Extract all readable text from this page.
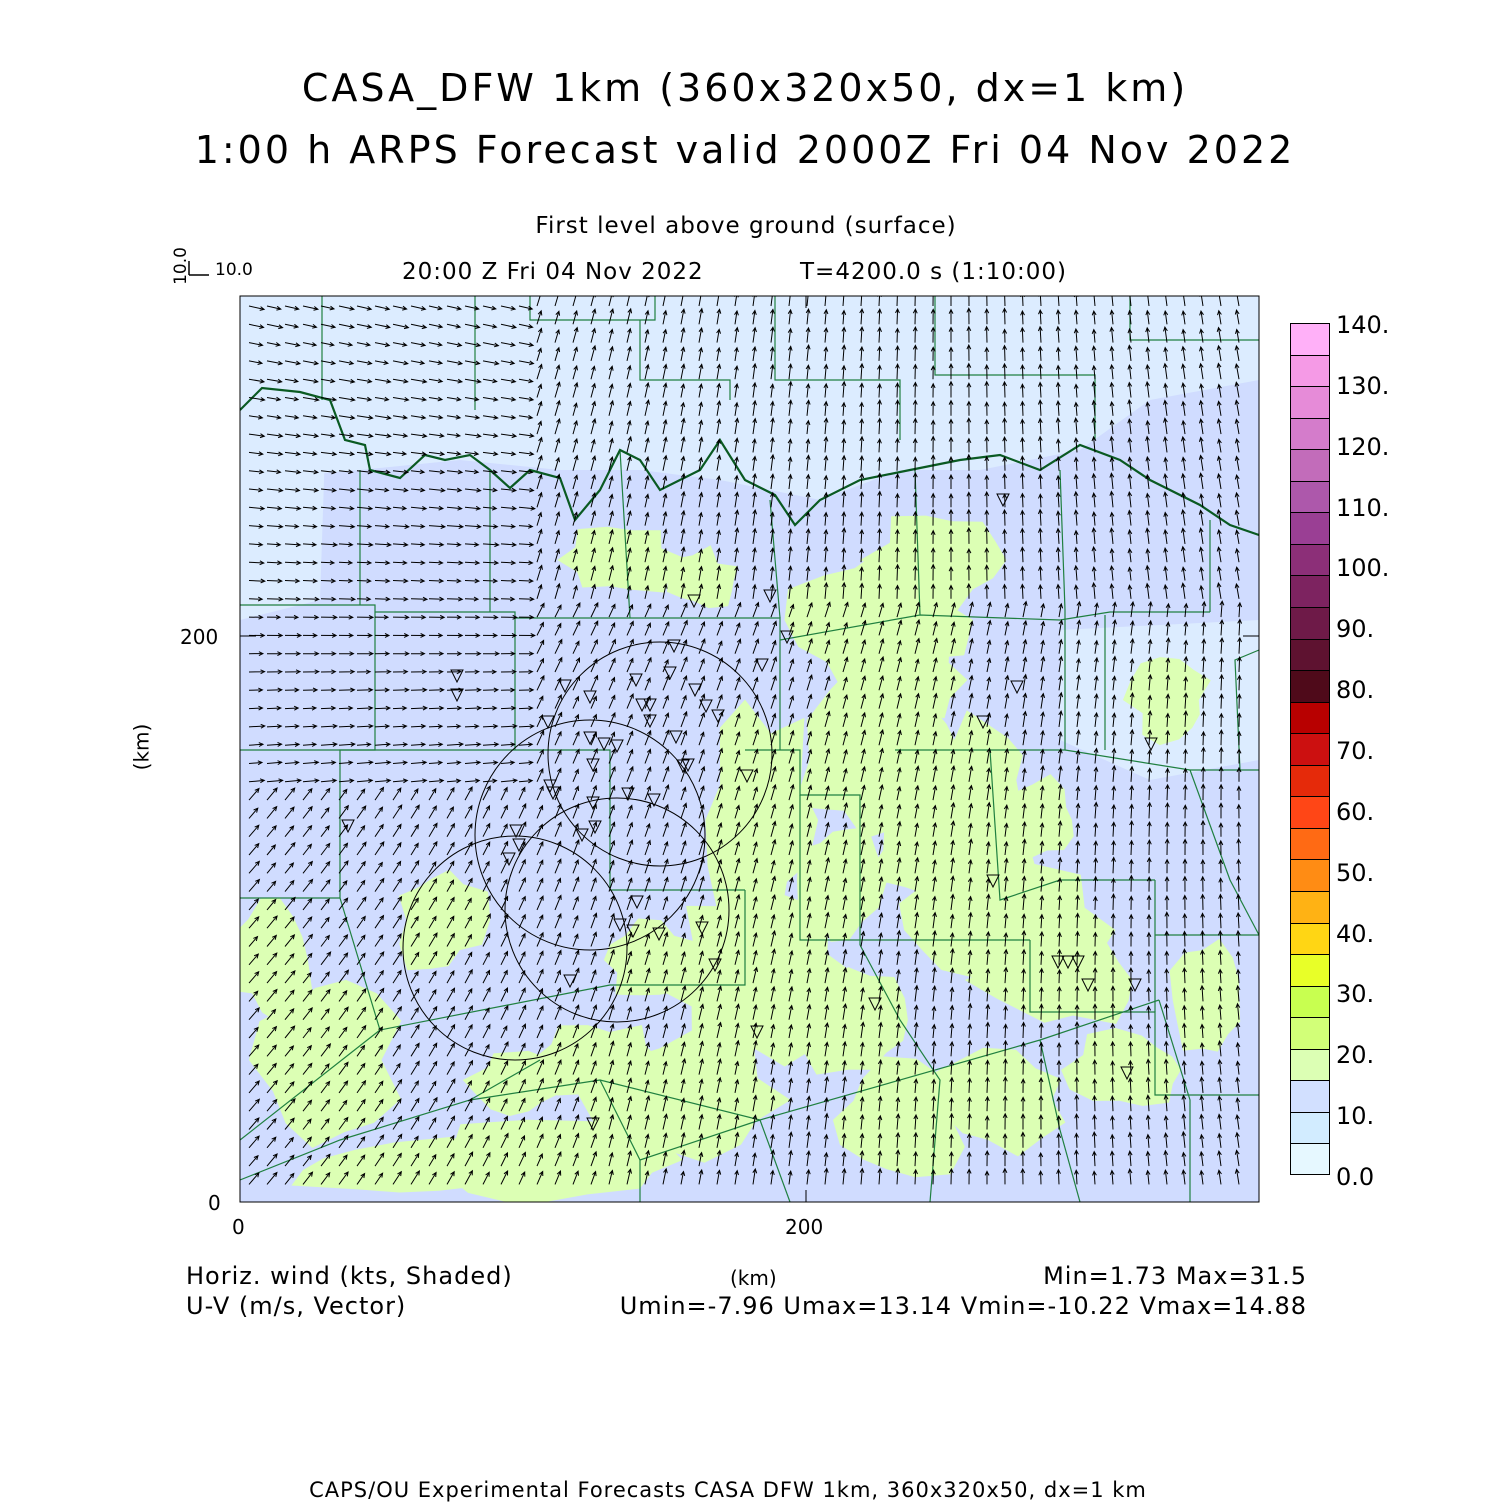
CASA_DFW 1km (360x320x50, dx=1 km)
1:00 h ARPS Forecast valid 2000Z Fri 04 Nov 2022
First level above ground (surface)
20:00 Z Fri 04 Nov 2022	T=4200.0 s (1:10:00)
10.0
10.0
0	200
0
200
(km)
140.
130.
120.
110.
100.
90.
80.
70.
60.
50.
40.
30.
20.
10.
0.0
Horiz. wind (kts, Shaded)
U-V (m/s, Vector)
(km)	Min=1.73 Max=31.5
Umin=-7.96 Umax=13.14 Vmin=-10.22 Vmax=14.88
CAPS/OU Experimental Forecasts CASA DFW 1km, 360x320x50, dx=1 km
